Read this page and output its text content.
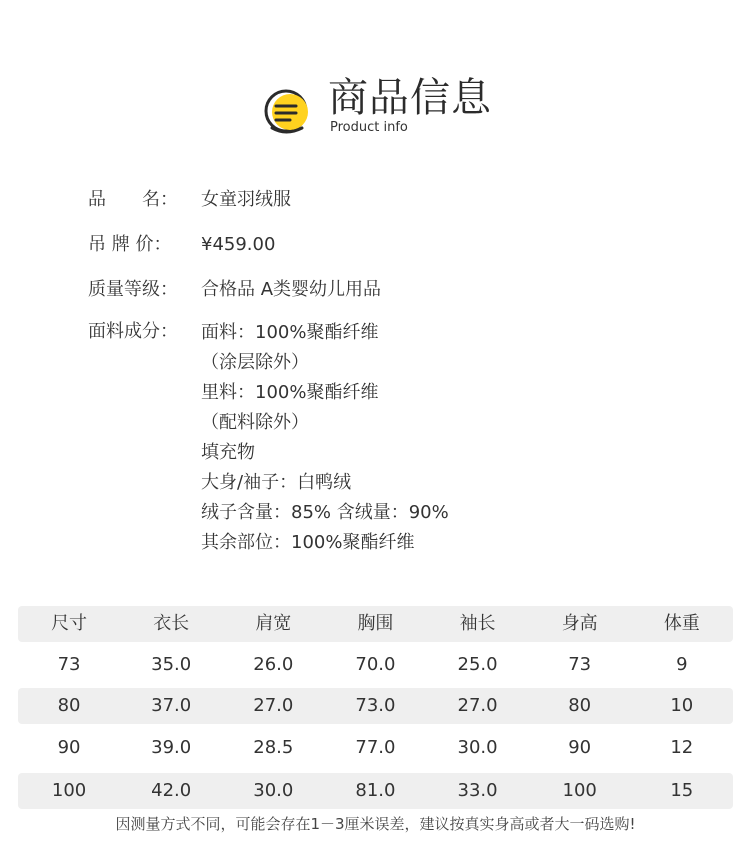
商品信息
Product info
品　　名：	女童羽绒服
吊 牌 价：	¥459.00
质量等级：	合格品 A类婴幼儿用品
面料成分：	面料：100%聚酯纤维
（涂层除外）
里料：100%聚酯纤维
（配料除外）
填充物
大身/袖子：白鸭绒
绒子含量：85% 含绒量：90%
其余部位：100%聚酯纤维
尺寸	衣长	肩宽	胸围	袖长	身高	体重
73	35.0	26.0	70.0	25.0	73	9
80	37.0	27.0	73.0	27.0	80	10
90	39.0	28.5	77.0	30.0	90	12
100	42.0	30.0	81.0	33.0	100	15
因测量方式不同，可能会存在1－3厘米误差，建议按真实身高或者大一码选购!
